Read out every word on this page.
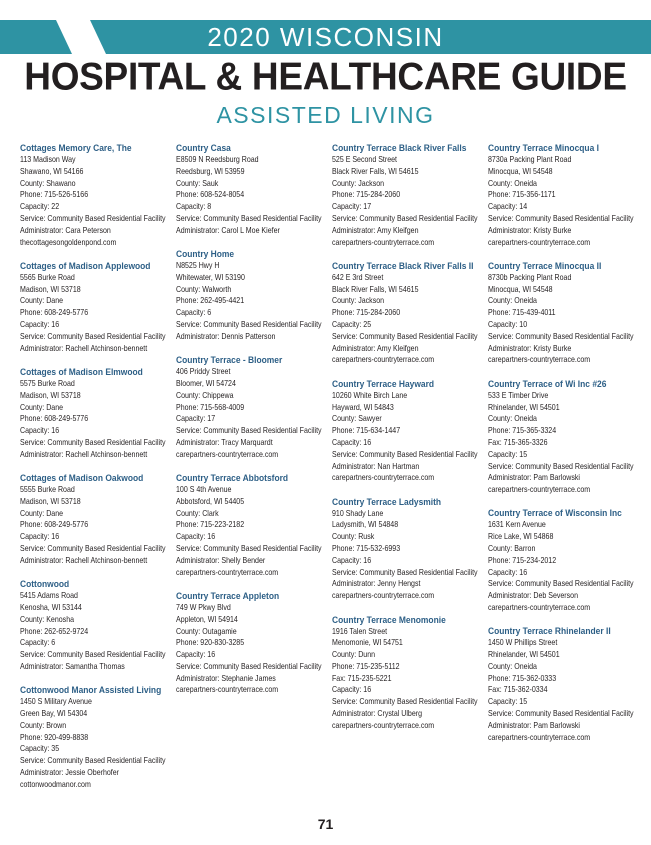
2020 WISCONSIN
HOSPITAL & HEALTHCARE GUIDE
ASSISTED LIVING
Cottages Memory Care, The
113 Madison Way
Shawano, WI 54166
County: Shawano
Phone: 715-526-5166
Capacity: 22
Service: Community Based Residential Facility
Administrator: Cara Peterson
thecottagesongoldenpond.com
Cottages of Madison Applewood
5565 Burke Road
Madison, WI 53718
County: Dane
Phone: 608-249-5776
Capacity: 16
Service: Community Based Residential Facility
Administrator: Rachell Atchinson-bennett
Cottages of Madison Elmwood
5575 Burke Road
Madison, WI 53718
County: Dane
Phone: 608-249-5776
Capacity: 16
Service: Community Based Residential Facility
Administrator: Rachell Atchinson-bennett
Cottages of Madison Oakwood
5555 Burke Road
Madison, WI 53718
County: Dane
Phone: 608-249-5776
Capacity: 16
Service: Community Based Residential Facility
Administrator: Rachell Atchinson-bennett
Cottonwood
5415 Adams Road
Kenosha, WI 53144
County: Kenosha
Phone: 262-652-9724
Capacity: 6
Service: Community Based Residential Facility
Administrator: Samantha Thomas
Cottonwood Manor Assisted Living
1450 S Military Avenue
Green Bay, WI 54304
County: Brown
Phone: 920-499-8838
Capacity: 35
Service: Community Based Residential Facility
Administrator: Jessie Oberhofer
cottonwoodmanor.com
Country Casa
E8509 N Reedsburg Road
Reedsburg, WI 53959
County: Sauk
Phone: 608-524-8054
Capacity: 8
Service: Community Based Residential Facility
Administrator: Carol L Moe Kiefer
Country Home
N8525 Hwy H
Whitewater, WI 53190
County: Walworth
Phone: 262-495-4421
Capacity: 6
Service: Community Based Residential Facility
Administrator: Dennis Patterson
Country Terrace - Bloomer
406 Priddy Street
Bloomer, WI 54724
County: Chippewa
Phone: 715-568-4009
Capacity: 17
Service: Community Based Residential Facility
Administrator: Tracy Marquardt
carepartners-countryterrace.com
Country Terrace Abbotsford
100 S 4th Avenue
Abbotsford, WI 54405
County: Clark
Phone: 715-223-2182
Capacity: 16
Service: Community Based Residential Facility
Administrator: Shelly Bender
carepartners-countryterrace.com
Country Terrace Appleton
749 W Pkwy Blvd
Appleton, WI 54914
County: Outagamie
Phone: 920-830-3285
Capacity: 16
Service: Community Based Residential Facility
Administrator: Stephanie James
carepartners-countryterrace.com
Country Terrace Black River Falls
525 E Second Street
Black River Falls, WI 54615
County: Jackson
Phone: 715-284-2060
Capacity: 17
Service: Community Based Residential Facility
Administrator: Amy Kleifgen
carepartners-countryterrace.com
Country Terrace Black River Falls II
642 E 3rd Street
Black River Falls, WI 54615
County: Jackson
Phone: 715-284-2060
Capacity: 25
Service: Community Based Residential Facility
Administrator: Amy Kleifgen
carepartners-countryterrace.com
Country Terrace Hayward
10260 White Birch Lane
Hayward, WI 54843
County: Sawyer
Phone: 715-634-1447
Capacity: 16
Service: Community Based Residential Facility
Administrator: Nan Hartman
carepartners-countryterrace.com
Country Terrace Ladysmith
910 Shady Lane
Ladysmith, WI 54848
County: Rusk
Phone: 715-532-6993
Capacity: 16
Service: Community Based Residential Facility
Administrator: Jenny Hengst
carepartners-countryterrace.com
Country Terrace Menomonie
1916 Talen Street
Menomonie, WI 54751
County: Dunn
Phone: 715-235-5112
Fax: 715-235-5221
Capacity: 16
Service: Community Based Residential Facility
Administrator: Crystal Ulberg
carepartners-countryterrace.com
Country Terrace Minocqua I
8730a Packing Plant Road
Minocqua, WI 54548
County: Oneida
Phone: 715-356-1171
Capacity: 14
Service: Community Based Residential Facility
Administrator: Kristy Burke
carepartners-countryterrace.com
Country Terrace Minocqua II
8730b Packing Plant Road
Minocqua, WI 54548
County: Oneida
Phone: 715-439-4011
Capacity: 10
Service: Community Based Residential Facility
Administrator: Kristy Burke
carepartners-countryterrace.com
Country Terrace of Wi Inc #26
533 E Timber Drive
Rhinelander, WI 54501
County: Oneida
Phone: 715-365-3324
Fax: 715-365-3326
Capacity: 15
Service: Community Based Residential Facility
Administrator: Pam Barlowski
carepartners-countryterrace.com
Country Terrace of Wisconsin Inc
1631 Kern Avenue
Rice Lake, WI 54868
County: Barron
Phone: 715-234-2012
Capacity: 16
Service: Community Based Residential Facility
Administrator: Deb Severson
carepartners-countryterrace.com
Country Terrace Rhinelander II
1450 W Phillips Street
Rhinelander, WI 54501
County: Oneida
Phone: 715-362-0333
Fax: 715-362-0334
Capacity: 15
Service: Community Based Residential Facility
Administrator: Pam Barlowski
carepartners-countryterrace.com
71
